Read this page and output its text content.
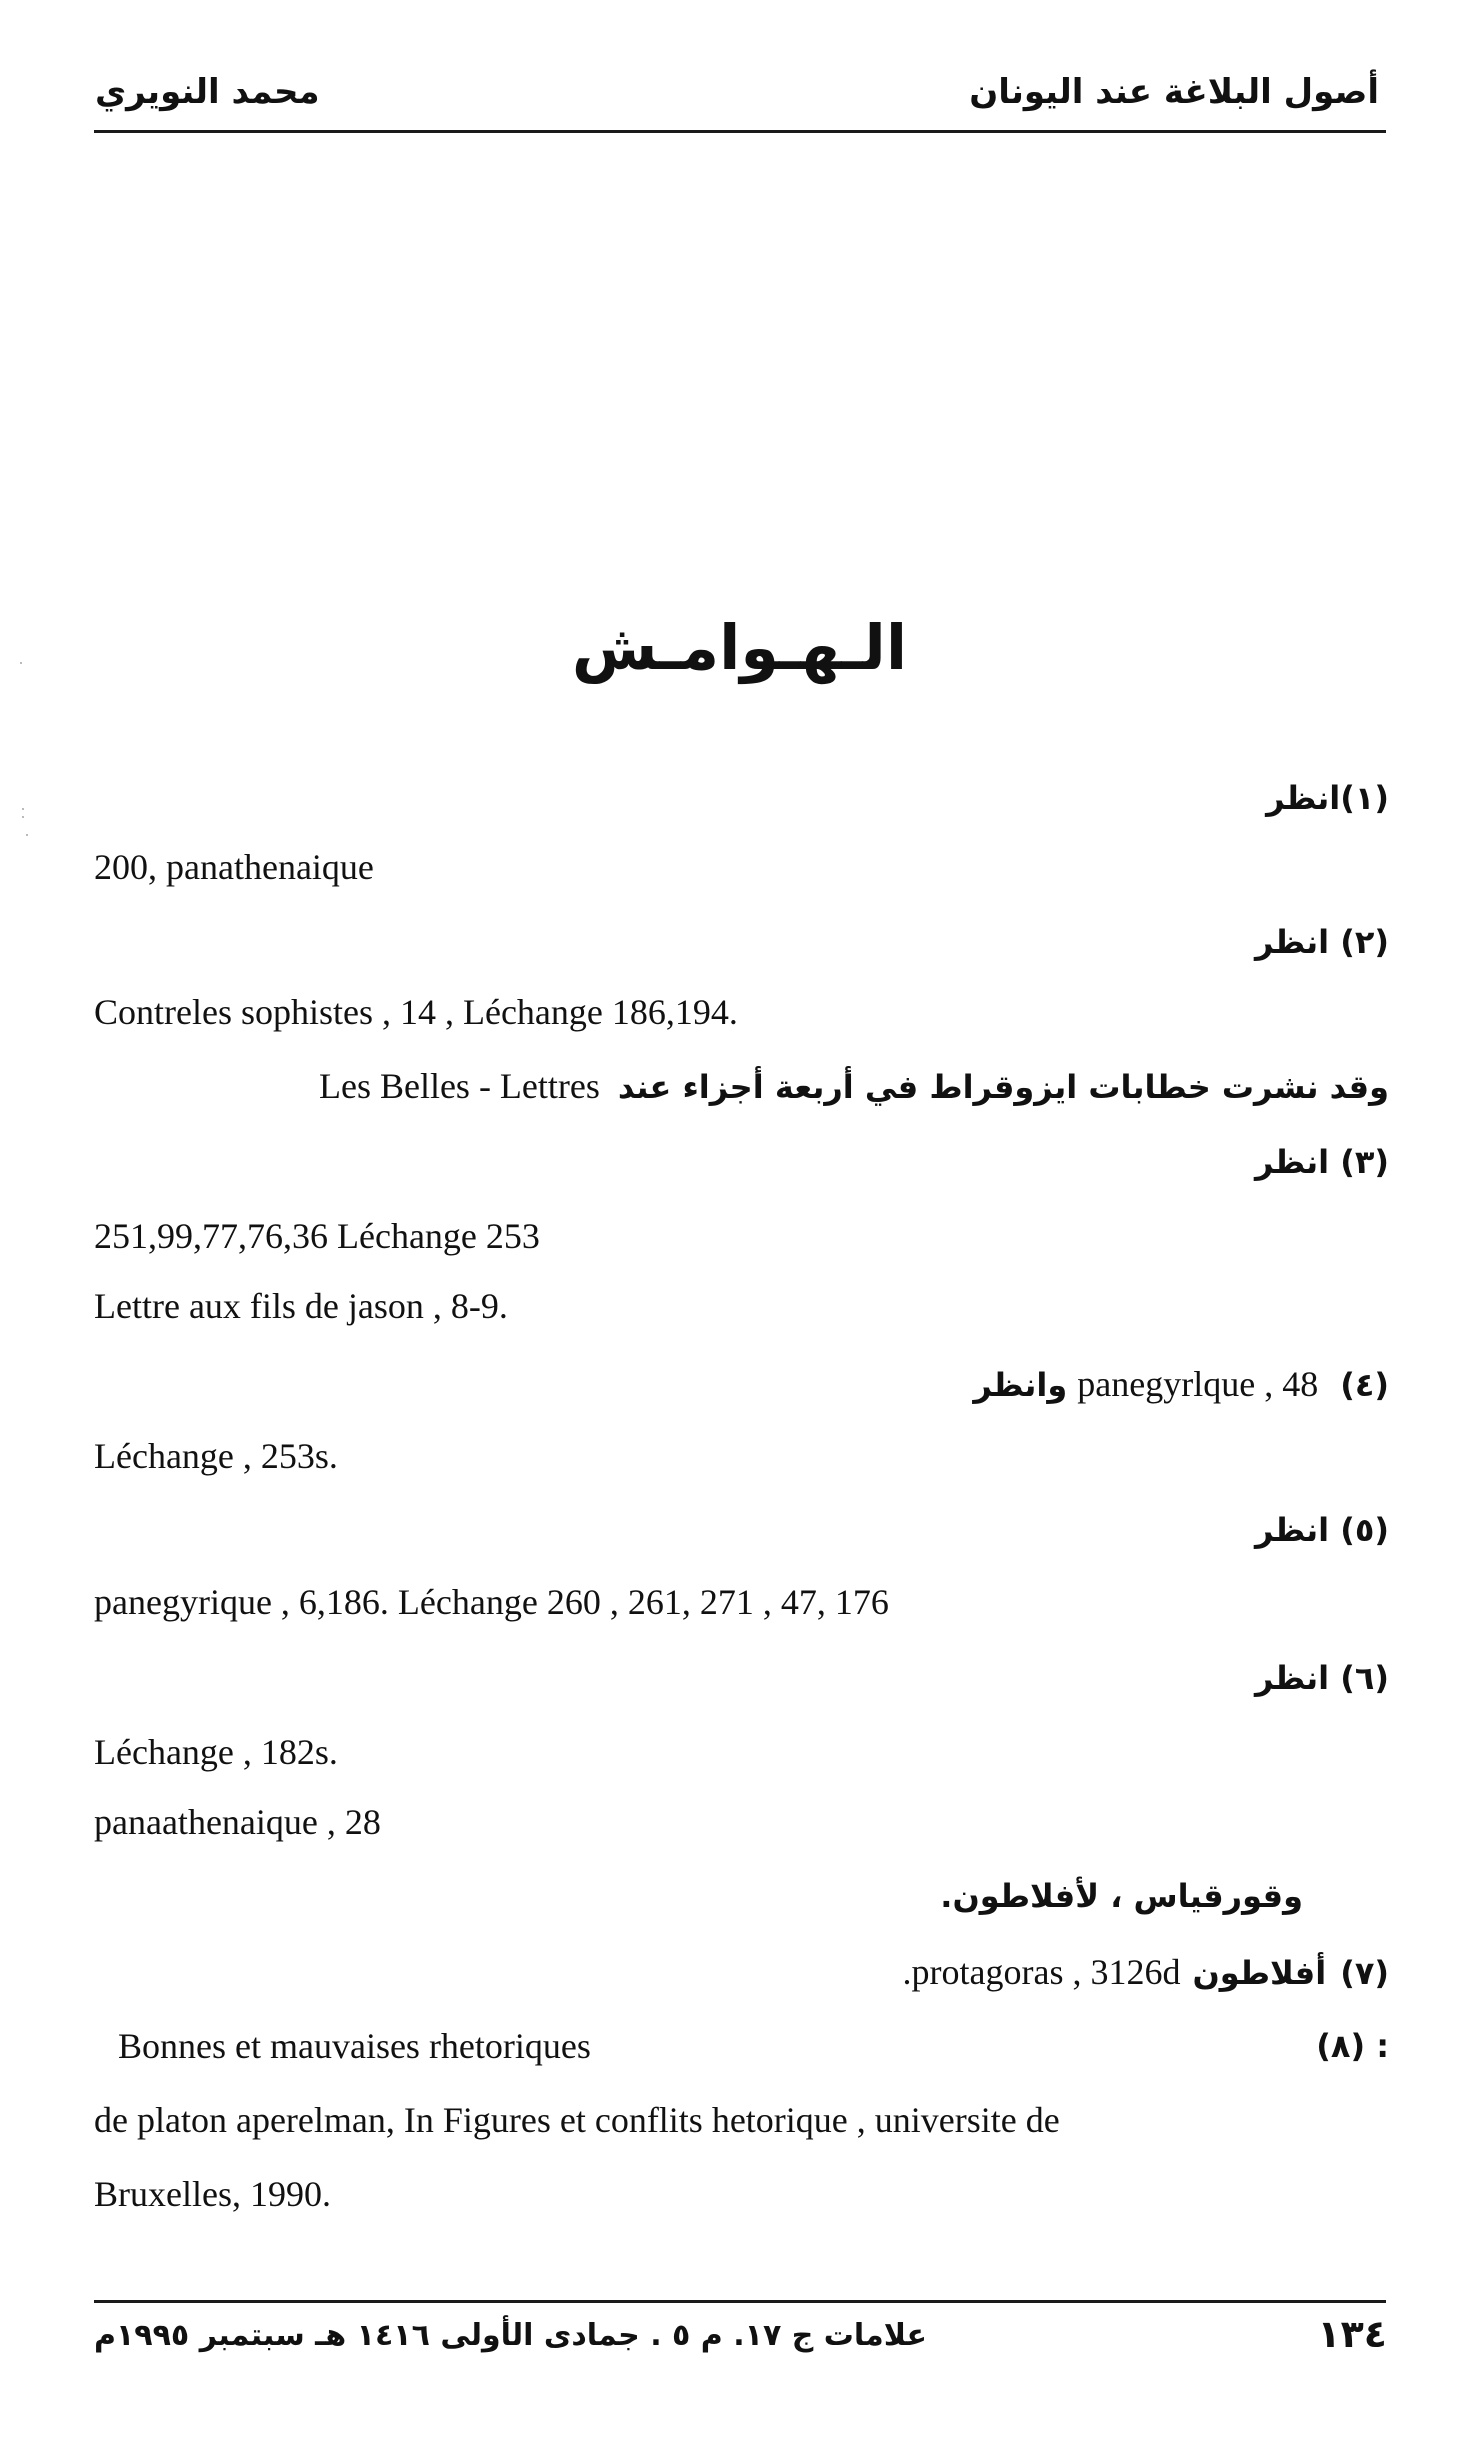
أصول البلاغة عند اليونان
محمد النويري
الـهـوامـش
(١)انظر
200, panathenaique
(٢) انظر
Contreles sophistes , 14 , Léchange 186,194.
وقد نشرت خطابات ايزوقراط في أربعة أجزاء عند Les Belles - Lettres
(٣) انظر
251,99,77,76,36 Léchange 253
Lettre aux fils de jason , 8-9.
(٤) panegyrlque , 48 وانظر
Léchange , 253s.
(٥) انظر
panegyrique , 6,186. Léchange 260 , 261, 271 , 47, 176
(٦) انظر
Léchange , 182s.
panaathenaique , 28
وقورقياس ، لأفلاطون.
(٧) أفلاطون protagoras , 3126d.
: (٨)
Bonnes et mauvaises rhetoriques
de platon aperelman, In Figures et conflits hetorique , universite de
Bruxelles, 1990.
علامات ج ١٧. م ٥ . جمادى الأولى ١٤١٦ هـ سبتمبر ١٩٩٥م	١٣٤
